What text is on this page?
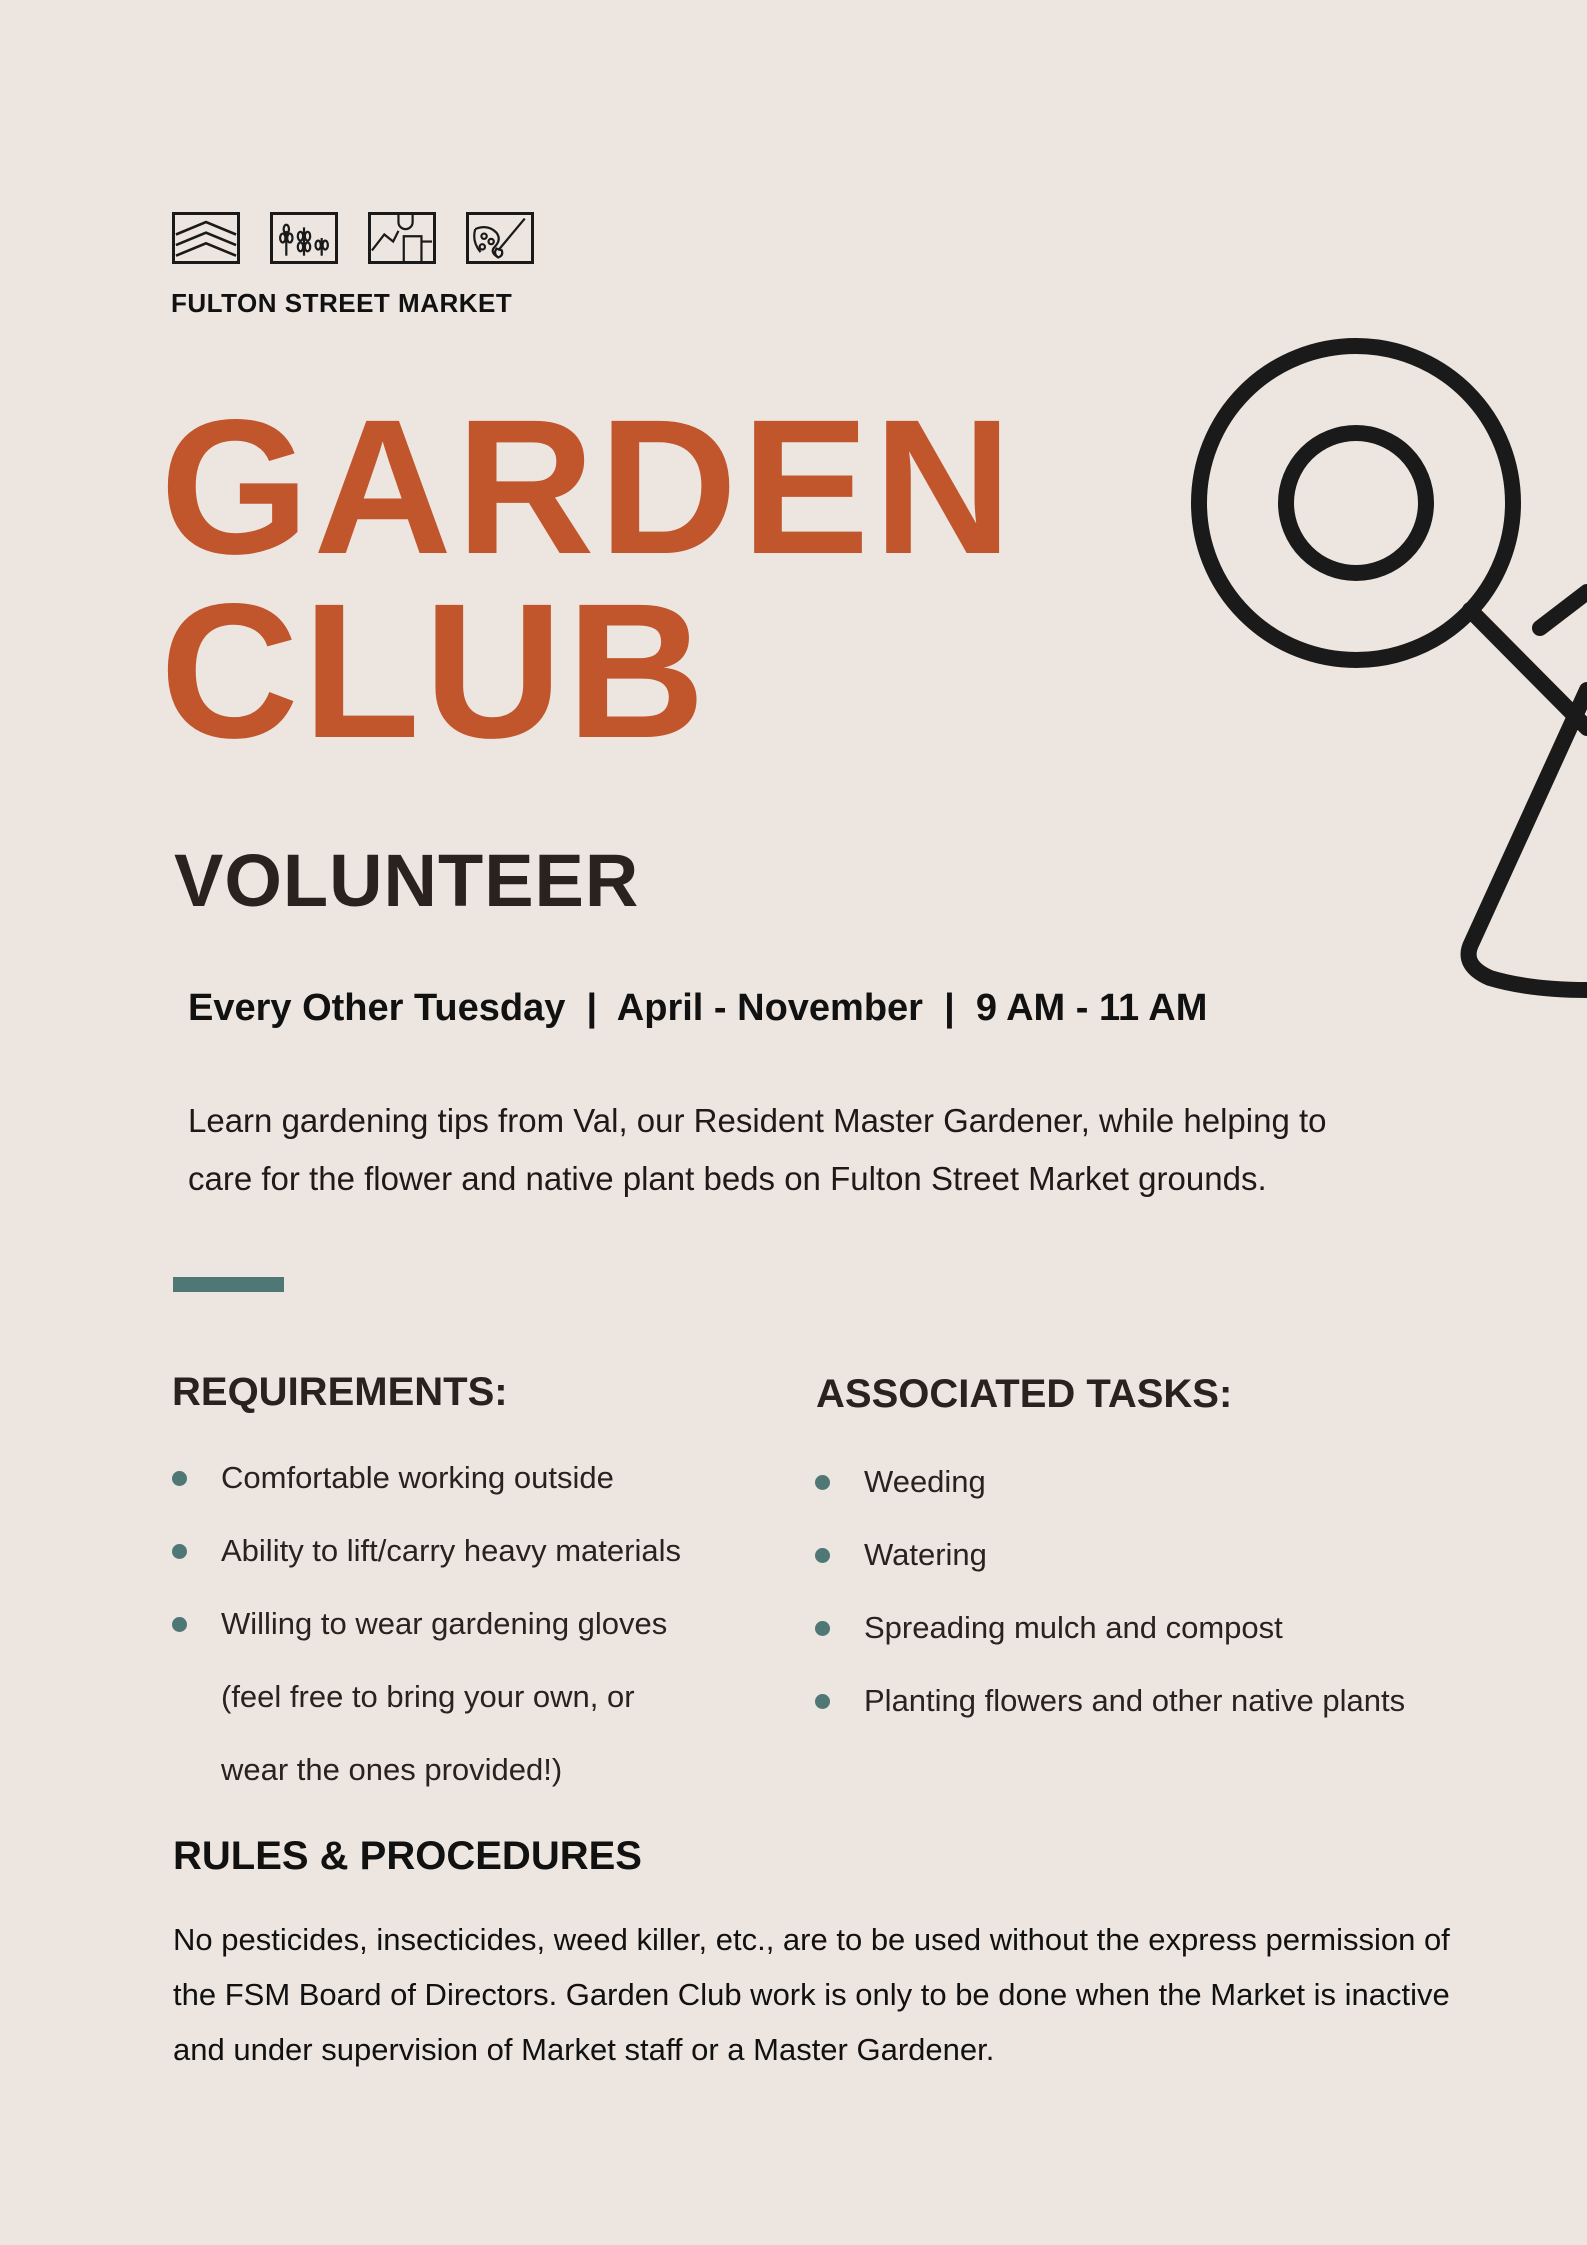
FULTON STREET MARKET
GARDEN
CLUB
VOLUNTEER
Every Other Tuesday  |  April - November  |  9 AM - 11 AM
Learn gardening tips from Val, our Resident Master Gardener, while helping to care for the flower and native plant beds on Fulton Street Market grounds.
REQUIREMENTS:
Comfortable working outside
Ability to lift/carry heavy materials
Willing to wear gardening gloves
(feel free to bring your own, or
wear the ones provided!)
ASSOCIATED TASKS:
Weeding
Watering
Spreading mulch and compost
Planting flowers and other native plants
RULES & PROCEDURES
No pesticides, insecticides, weed killer, etc., are to be used without the express permission of the FSM Board of Directors. Garden Club work is only to be done when the Market is inactive and under supervision of Market staff or a Master Gardener.
